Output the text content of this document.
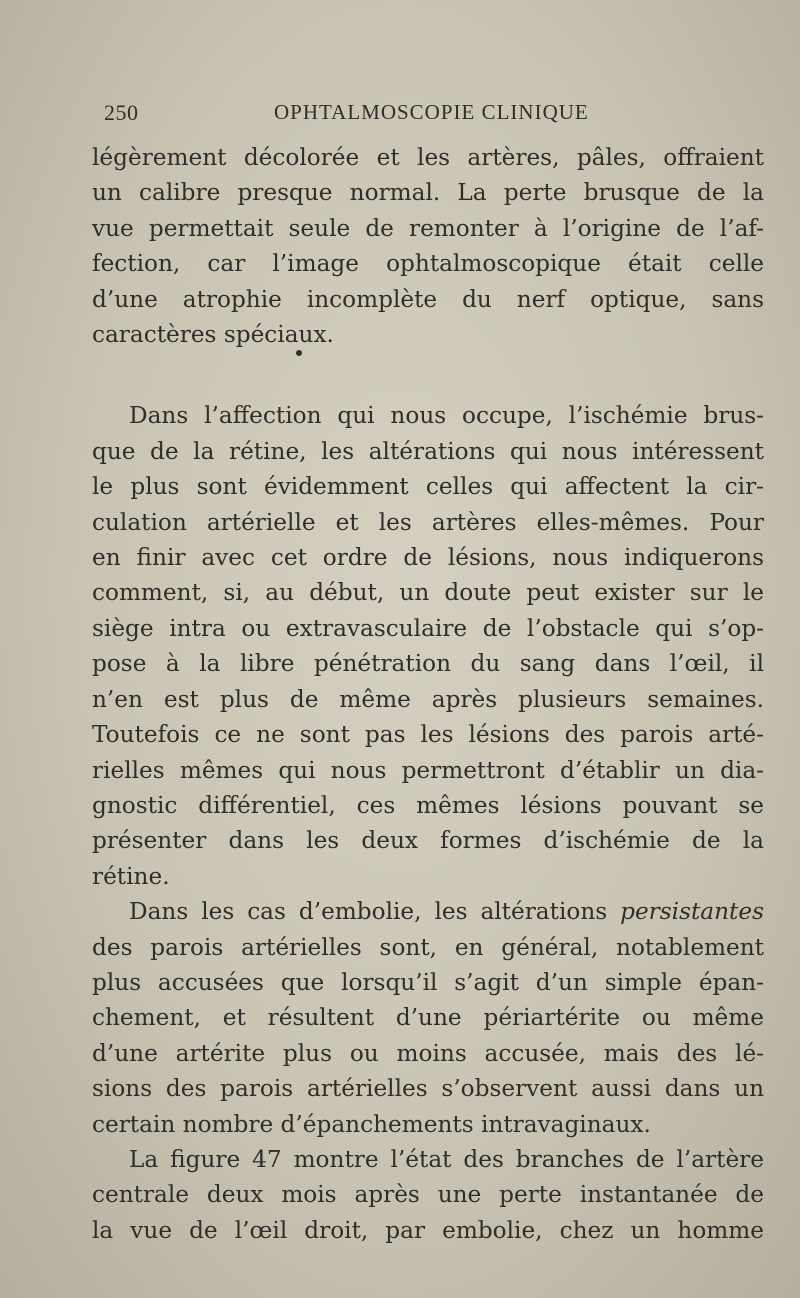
250	OPHTALMOSCOPIE CLINIQUE

légèrement décolorée et les artères, pâles, offraient
un calibre presque normal. La perte brusque de la
vue permettait seule de remonter à l’origine de l’af-
fection, car l’image ophtalmoscopique était celle
d’une atrophie incomplète du nerf optique, sans
caractères spéciaux.

Dans l’affection qui nous occupe, l’ischémie brus-
que de la rétine, les altérations qui nous intéressent
le plus sont évidemment celles qui affectent la cir-
culation artérielle et les artères elles-mêmes. Pour
en finir avec cet ordre de lésions, nous indiquerons
comment, si, au début, un doute peut exister sur le
siège intra ou extravasculaire de l’obstacle qui s’op-
pose à la libre pénétration du sang dans l’œil, il
n’en est plus de même après plusieurs semaines.
Toutefois ce ne sont pas les lésions des parois arté-
rielles mêmes qui nous permettront d’établir un dia-
gnostic différentiel, ces mêmes lésions pouvant se
présenter dans les deux formes d’ischémie de la
rétine.

Dans les cas d’embolie, les altérations persistantes
des parois artérielles sont, en général, notablement
plus accusées que lorsqu’il s’agit d’un simple épan-
chement, et résultent d’une périartérite ou même
d’une artérite plus ou moins accusée, mais des lé-
sions des parois artérielles s’observent aussi dans un
certain nombre d’épanchements intravaginaux.

La figure 47 montre l’état des branches de l’artère
centrale deux mois après une perte instantanée de
la vue de l’œil droit, par embolie, chez un homme
